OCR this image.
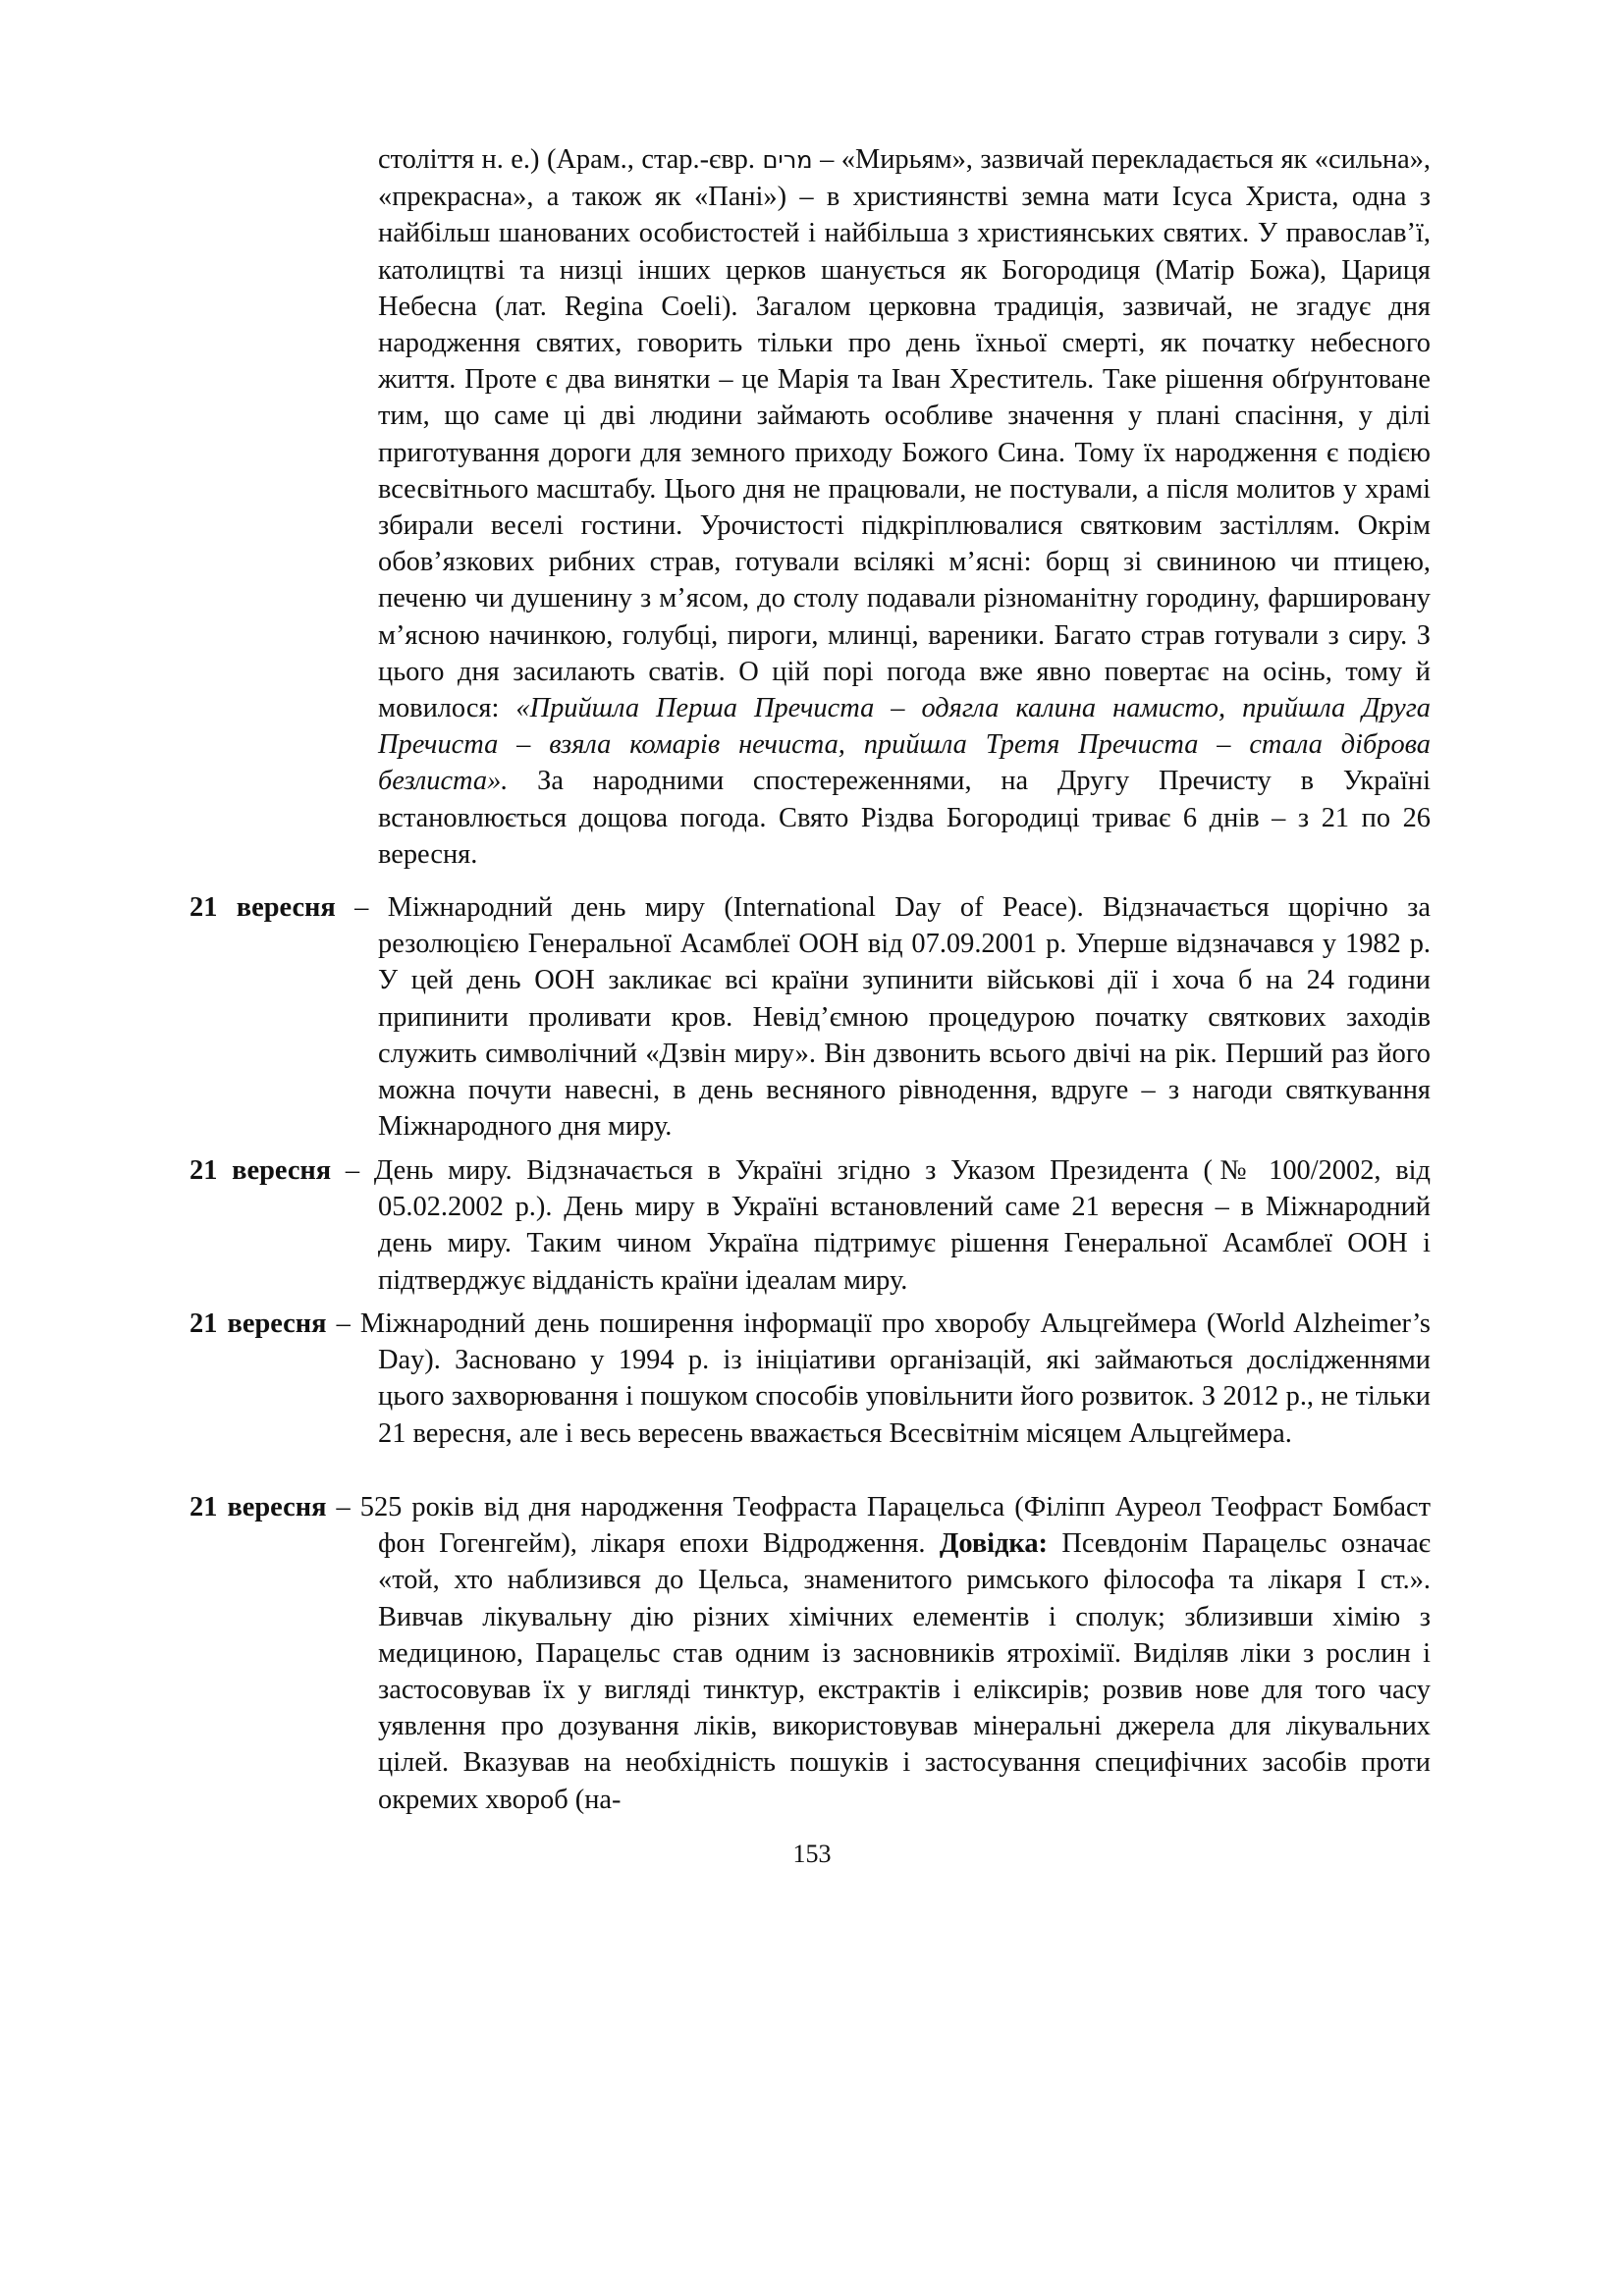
століття н. е.) (Арам., стар.-євр. מרים – «Мирьям», зазвичай перекладається як «сильна», «прекрасна», а також як «Пані») – в християнстві земна мати Ісуса Христа, одна з найбільш шанованих особистостей і найбільша з християнських святих. У православ’ї, католицтві та низці інших церков шанується як Богородиця (Матір Божа), Цариця Небесна (лат. Regina Coeli). Загалом церковна традиція, зазвичай, не згадує дня народження святих, говорить тільки про день їхньої смерті, як початку небесного життя. Проте є два винятки – це Марія та Іван Хреститель. Таке рішення обґрунтоване тим, що саме ці дві людини займають особливе значення у плані спасіння, у ділі приготування дороги для земного приходу Божого Сина. Тому їх народження є подією всесвітнього масштабу. Цього дня не працювали, не постували, а після молитов у храмі збирали веселі гостини. Урочистості підкріплювалися святковим застіллям. Окрім обов’язкових рибних страв, готували всілякі м’ясні: борщ зі свининою чи птицею, печеню чи душенину з м’ясом, до столу подавали різноманітну городину, фаршировану м’ясною начинкою, голубці, пироги, млинці, вареники. Багато страв готували з сиру. З цього дня засилають сватів. О цій порі погода вже явно повертає на осінь, тому й мовилося: «Прийшла Перша Пречиста – одягла калина намисто, прийшла Друга Пречиста – взяла комарів нечиста, прийшла Третя Пречиста – стала діброва безлиста». За народними спостереженнями, на Другу Пречисту в Україні встановлюється дощова погода. Свято Різдва Богородиці триває 6 днів – з 21 по 26 вересня.

21 вересня – Міжнародний день миру (International Day of Peace). Відзначається щорічно за резолюцією Генеральної Асамблеї ООН від 07.09.2001 р. Уперше відзначався у 1982 р. У цей день ООН закликає всі країни зупинити військові дії і хоча б на 24 години припинити проливати кров. Невід’ємною процедурою початку святкових заходів служить символічний «Дзвін миру». Він дзвонить всього двічі на рік. Перший раз його можна почути навесні, в день весняного рівнодення, вдруге – з нагоди святкування Міжнародного дня миру.

21 вересня – День миру. Відзначається в Україні згідно з Указом Президента (№ 100/2002, від 05.02.2002 р.). День миру в Україні встановлений саме 21 вересня – в Міжнародний день миру. Таким чином Україна підтримує рішення Генеральної Асамблеї ООН і підтверджує відданість країни ідеалам миру.

21 вересня – Міжнародний день поширення інформації про хворобу Альцгеймера (World Alzheimer’s Day). Засновано у 1994 р. із ініціативи організацій, які займаються дослідженнями цього захворювання і пошуком способів уповільнити його розвиток. З 2012 р., не тільки 21 вересня, але і весь вересень вважається Всесвітнім місяцем Альцгеймера.

21 вересня – 525 років від дня народження Теофраста Парацельса (Філіпп Ауреол Теофраст Бомбаст фон Гогенгейм), лікаря епохи Відродження. Довідка: Псевдонім Парацельс означає «той, хто наблизився до Цельса, знаменитого римського філософа та лікаря І ст.». Вивчав лікувальну дію різних хімічних елементів і сполук; зблизивши хімію з медициною, Парацельс став одним із засновників ятрохімії. Виділяв ліки з рослин і застосовував їх у вигляді тинктур, екстрактів і еліксирів; розвив нове для того часу уявлення про дозування ліків, використовував мінеральні джерела для лікувальних цілей. Вказував на необхідність пошуків і застосування специфічних засобів проти окремих хвороб (на-

153
